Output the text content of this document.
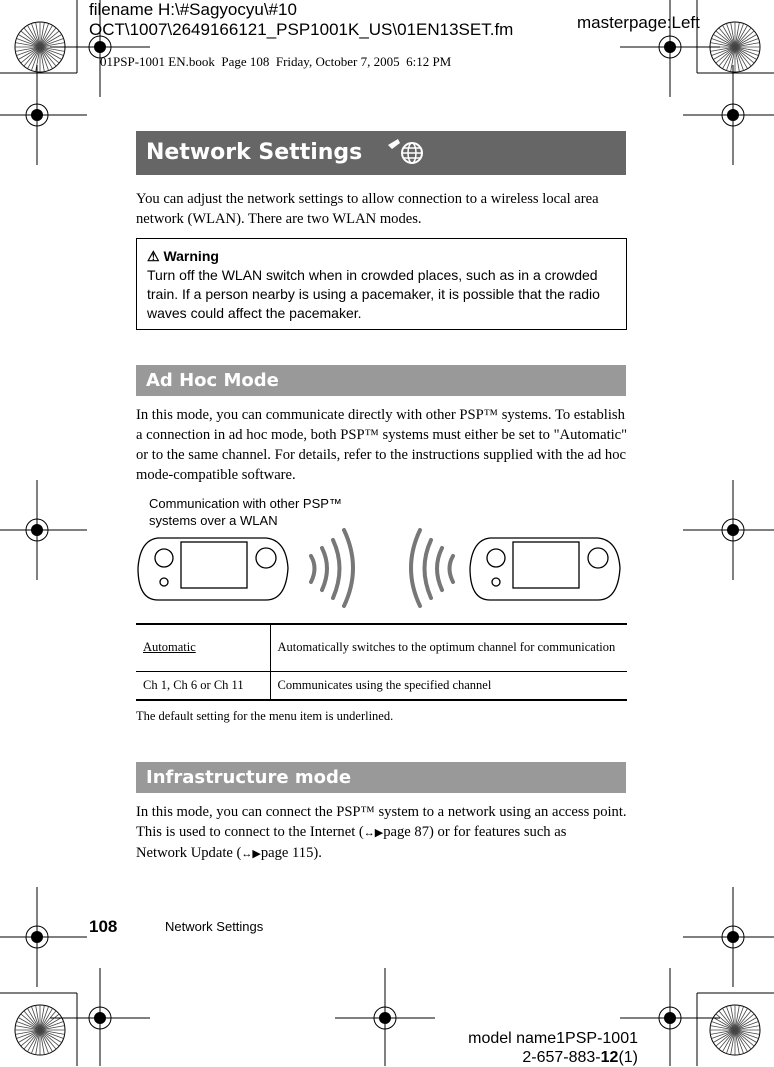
filename H:\#Sagyocyu\#10
OCT\1007\2649166121_PSP1001K_US\01EN13SET.fm	masterpage:Left
01PSP-1001 EN.book  Page 108  Friday, October 7, 2005  6:12 PM
Network Settings
You can adjust the network settings to allow connection to a wireless local area network (WLAN). There are two WLAN modes.
⚠ Warning
Turn off the WLAN switch when in crowded places, such as in a crowded train. If a person nearby is using a pacemaker, it is possible that the radio waves could affect the pacemaker.
Ad Hoc Mode
In this mode, you can communicate directly with other PSP™ systems. To establish a connection in ad hoc mode, both PSP™ systems must either be set to "Automatic" or to the same channel. For details, refer to the instructions supplied with the ad hoc mode-compatible software.
Communication with other PSP™
systems over a WLAN
Automatic	Automatically switches to the optimum channel for communication
Ch 1, Ch 6 or Ch 11	Communicates using the specified channel
The default setting for the menu item is underlined.
Infrastructure mode
In this mode, you can connect the PSP™ system to a network using an access point.
This is used to connect to the Internet (↔▶page 87) or for features such as
Network Update (↔▶page 115).
108	Network Settings
model name1PSP-1001
2-657-883-12(1)
